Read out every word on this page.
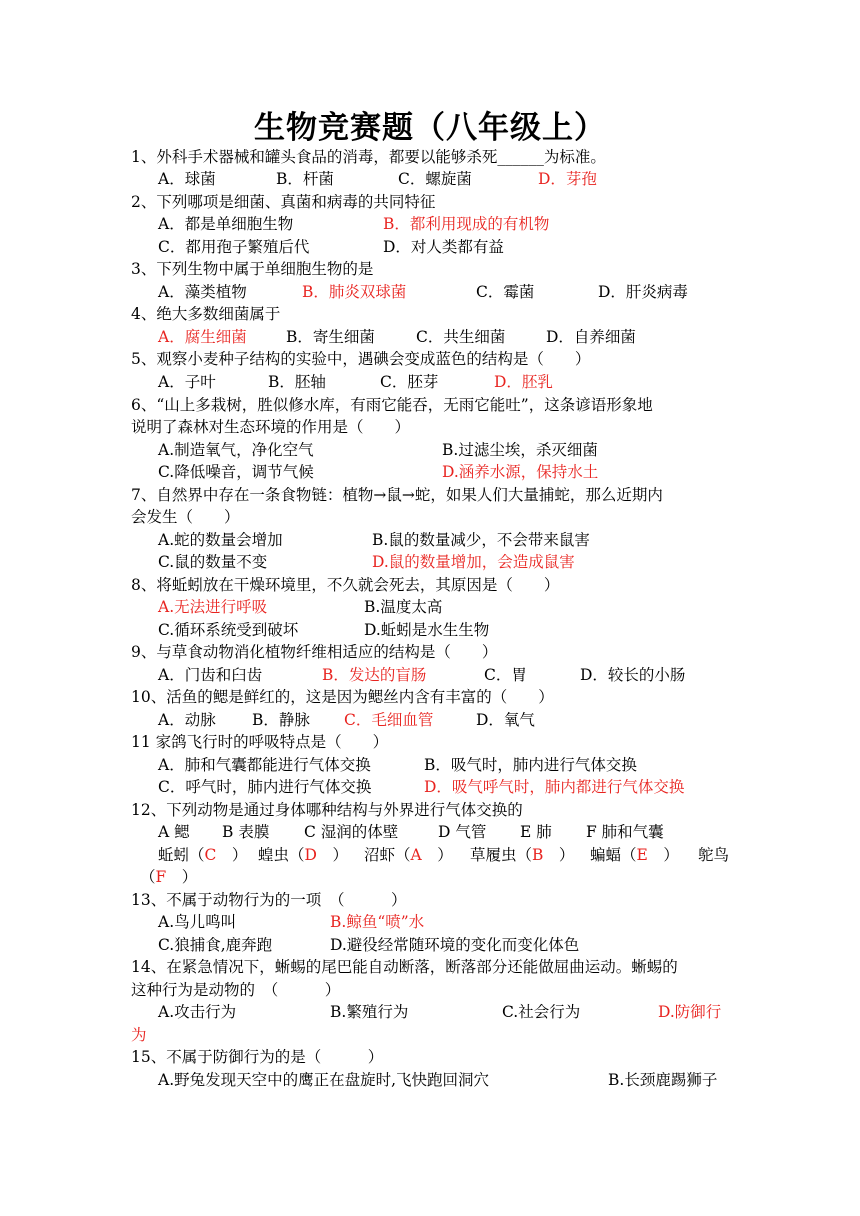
生物竞赛题（八年级上）
1、外科手术器械和罐头食品的消毒，都要以能够杀死______为标准。
A．球菌	B．杆菌	C．螺旋菌	D．芽孢
2、下列哪项是细菌、真菌和病毒的共同特征
A．都是单细胞生物	B．都利用现成的有机物
C．都用孢子繁殖后代	D．对人类都有益
3、下列生物中属于单细胞生物的是
A．藻类植物	B．肺炎双球菌	C．霉菌	D．肝炎病毒
4、绝大多数细菌属于
A．腐生细菌	B．寄生细菌	C．共生细菌	D．自养细菌
5、观察小麦种子结构的实验中，遇碘会变成蓝色的结构是（　　）
A．子叶	B．胚轴	C．胚芽	D．胚乳
6、“山上多栽树，胜似修水库，有雨它能吞，无雨它能吐”，这条谚语形象地
说明了森林对生态环境的作用是（　　）
A.制造氧气，净化空气	B.过滤尘埃，杀灭细菌
C.降低噪音，调节气候	D.涵养水源，保持水土
7、自然界中存在一条食物链：植物→鼠→蛇，如果人们大量捕蛇，那么近期内
会发生（　　）
A.蛇的数量会增加	B.鼠的数量减少，不会带来鼠害
C.鼠的数量不变	D.鼠的数量增加，会造成鼠害
8、将蚯蚓放在干燥环境里，不久就会死去，其原因是（　　）
A.无法进行呼吸	B.温度太高
C.循环系统受到破坏	D.蚯蚓是水生生物
9、与草食动物消化植物纤维相适应的结构是（　　）
A．门齿和臼齿	B．发达的盲肠	C．胃	D．较长的小肠
10、活鱼的鳃是鲜红的，这是因为鳃丝内含有丰富的（　　）
A．动脉 B．静脉 C．毛细血管	D．氧气
11 家鸽飞行时的呼吸特点是（　　）
A．肺和气囊都能进行气体交换	B．吸气时，肺内进行气体交换
C．呼气时，肺内进行气体交换	D．吸气呼气时，肺内都进行气体交换
12、下列动物是通过身体哪种结构与外界进行气体交换的
A 鳃 B 表膜 C 湿润的体壁	D 气管 E 肺 F 肺和气囊
蚯蚓（C　） 蝗虫（D　） 沼虾（A　） 草履虫（B　） 蝙蝠（E　） 鸵鸟
（F　）
13、不属于动物行为的一项　（　　　）
A.鸟儿鸣叫	B.鲸鱼“喷”水
C.狼捕食,鹿奔跑	D.避役经常随环境的变化而变化体色
14、在紧急情况下，蜥蜴的尾巴能自动断落，断落部分还能做屈曲运动。蜥蜴的
这种行为是动物的　（　　　）
A.攻击行为	B.繁殖行为	C.社会行为	D.防御行
为
15、不属于防御行为的是（　　　）
A.野兔发现天空中的鹰正在盘旋时,飞快跑回洞穴	B.长颈鹿踢狮子
